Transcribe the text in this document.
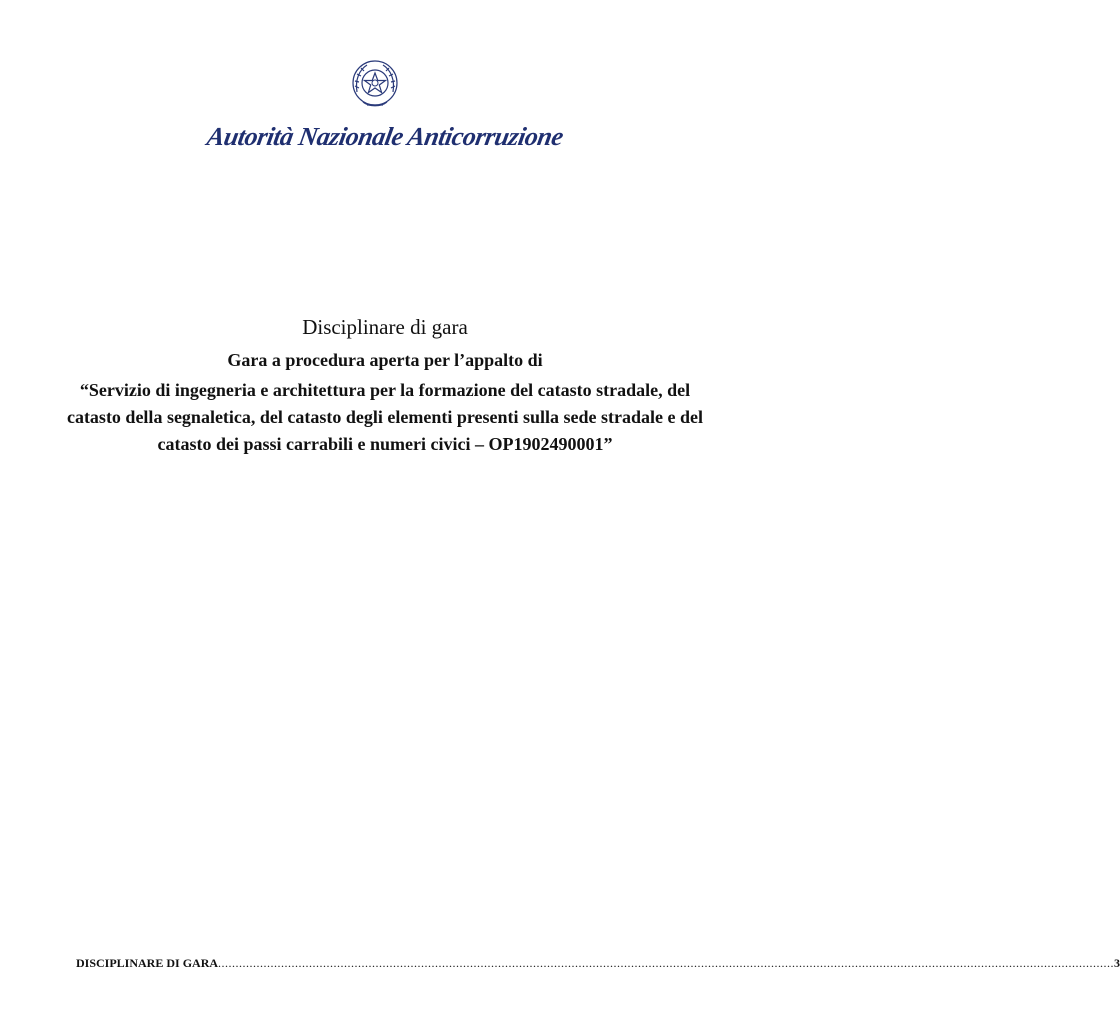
Autorità Nazionale Anticorruzione
Disciplinare di gara
Gara a procedura aperta per l’appalto di
“Servizio di ingegneria e architettura per la formazione del catasto stradale, del catasto della segnaletica, del catasto degli elementi presenti sulla sede stradale e del catasto dei passi carrabili e numeri civici – OP1902490001”
DISCIPLINARE DI GARA ................................................................................................................................................................................................................................................................ 3
